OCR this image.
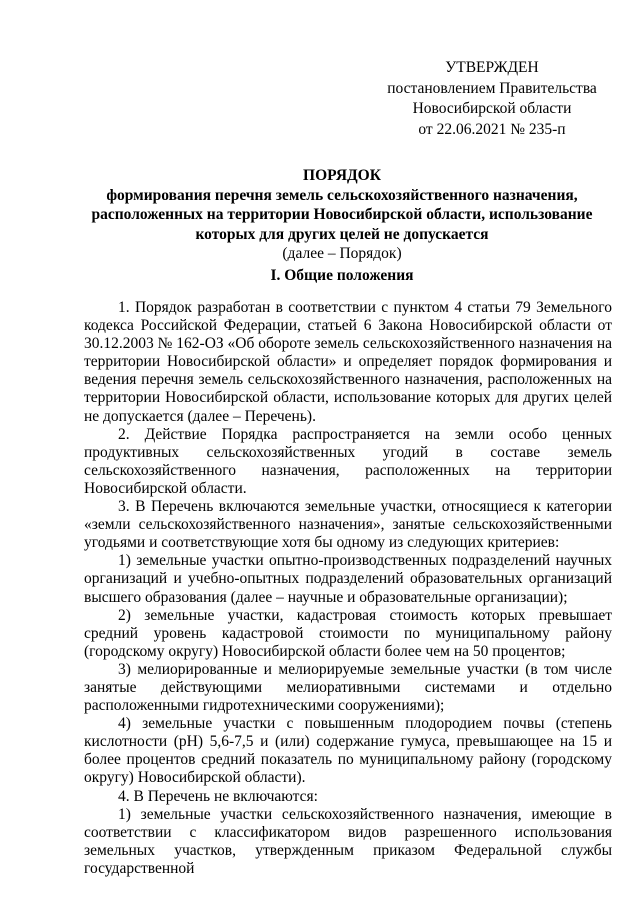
УТВЕРЖДЕН
постановлением Правительства
Новосибирской области
от 22.06.2021 № 235-п
ПОРЯДОК
формирования перечня земель сельскохозяйственного назначения,
расположенных на территории Новосибирской области, использование
которых для других целей не допускается
(далее – Порядок)
I. Общие положения

1. Порядок разработан в соответствии с пунктом 4 статьи 79 Земельного кодекса Российской Федерации, статьей 6 Закона Новосибирской области от 30.12.2003 № 162-ОЗ «Об обороте земель сельскохозяйственного назначения на территории Новосибирской области» и определяет порядок формирования и ведения перечня земель сельскохозяйственного назначения, расположенных на территории Новосибирской области, использование которых для других целей не допускается (далее – Перечень).

2. Действие Порядка распространяется на земли особо ценных продуктивных сельскохозяйственных угодий в составе земель сельскохозяйственного назначения, расположенных на территории Новосибирской области.

3. В Перечень включаются земельные участки, относящиеся к категории «земли сельскохозяйственного назначения», занятые сельскохозяйственными угодьями и соответствующие хотя бы одному из следующих критериев:

1) земельные участки опытно-производственных подразделений научных организаций и учебно-опытных подразделений образовательных организаций высшего образования (далее – научные и образовательные организации);

2) земельные участки, кадастровая стоимость которых превышает средний уровень кадастровой стоимости по муниципальному району (городскому округу) Новосибирской области более чем на 50 процентов;

3) мелиорированные и мелиорируемые земельные участки (в том числе занятые действующими мелиоративными системами и отдельно расположенными гидротехническими сооружениями);

4) земельные участки с повышенным плодородием почвы (степень кислотности (pH) 5,6-7,5 и (или) содержание гумуса, превышающее на 15 и более процентов средний показатель по муниципальному району (городскому округу) Новосибирской области).

4. В Перечень не включаются:

1) земельные участки сельскохозяйственного назначения, имеющие в соответствии с классификатором видов разрешенного использования земельных участков, утвержденным приказом Федеральной службы государственной
